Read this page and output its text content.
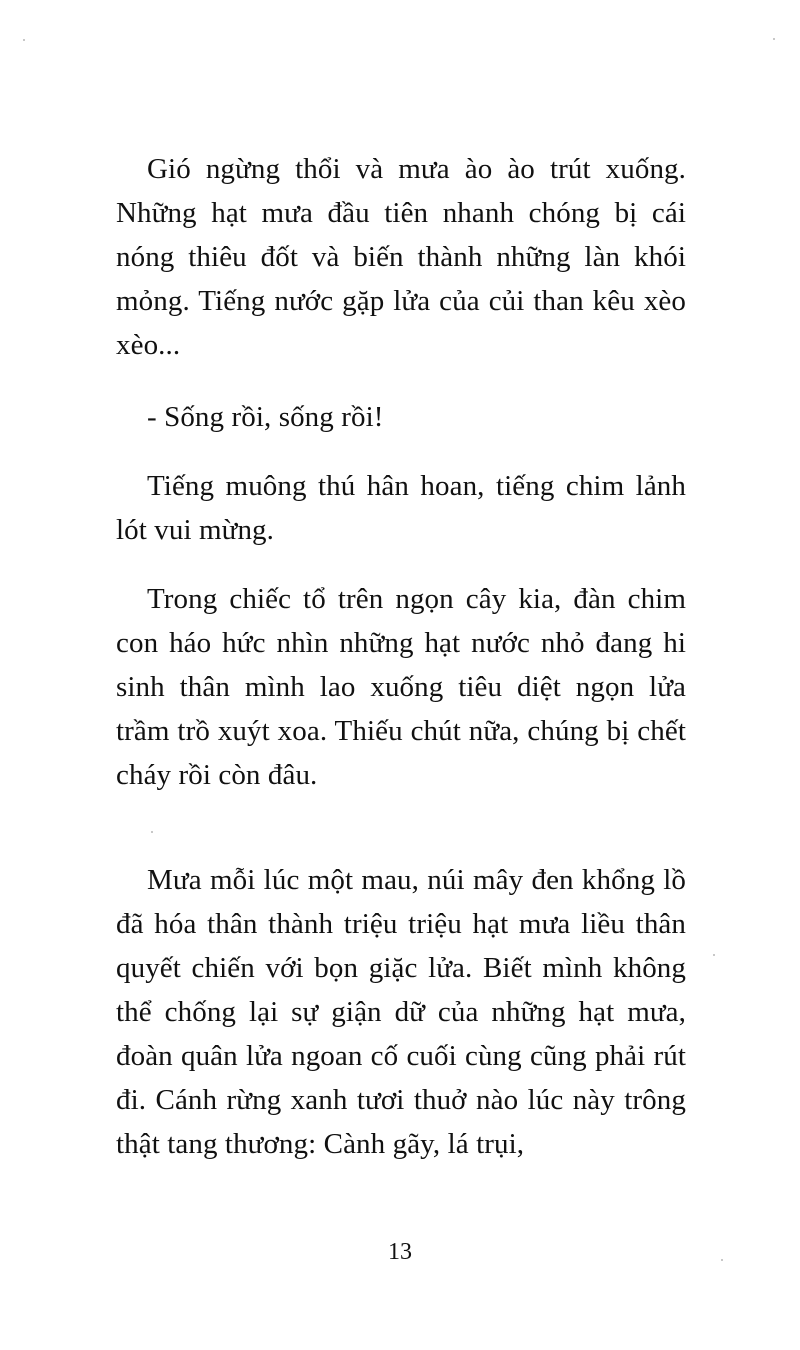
Gió ngừng thổi và mưa ào ào trút xuống. Những hạt mưa đầu tiên nhanh chóng bị cái nóng thiêu đốt và biến thành những làn khói mỏng. Tiếng nước gặp lửa của củi than kêu xèo xèo...

- Sống rồi, sống rồi!

Tiếng muông thú hân hoan, tiếng chim lảnh lót vui mừng.

Trong chiếc tổ trên ngọn cây kia, đàn chim con háo hức nhìn những hạt nước nhỏ đang hi sinh thân mình lao xuống tiêu diệt ngọn lửa trầm trồ xuýt xoa. Thiếu chút nữa, chúng bị chết cháy rồi còn đâu.

Mưa mỗi lúc một mau, núi mây đen khổng lồ đã hóa thân thành triệu triệu hạt mưa liều thân quyết chiến với bọn giặc lửa. Biết mình không thể chống lại sự giận dữ của những hạt mưa, đoàn quân lửa ngoan cố cuối cùng cũng phải rút đi. Cánh rừng xanh tươi thuở nào lúc này trông thật tang thương: Cành gãy, lá trụi,

13
